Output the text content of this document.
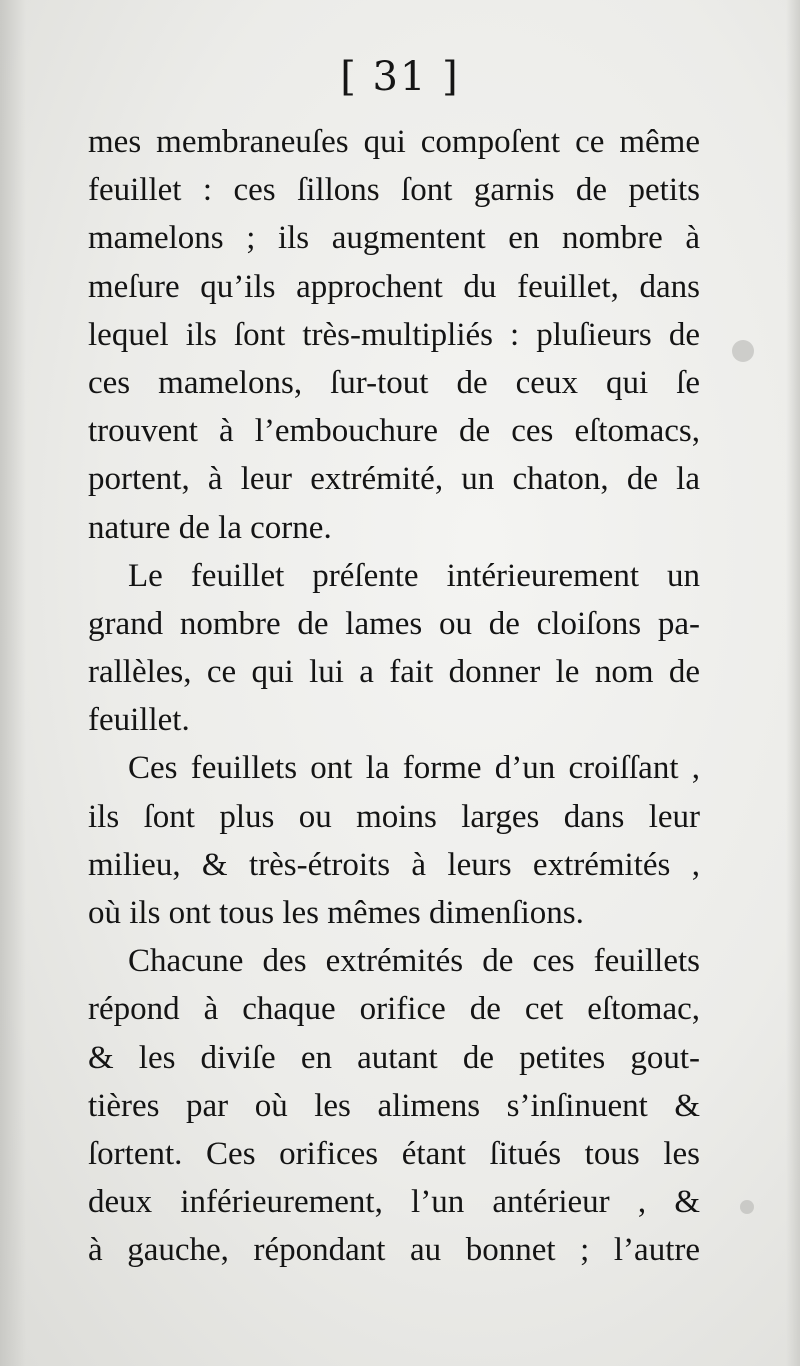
[ 31 ]
mes membraneuſes qui compoſent ce même
feuillet : ces ſillons ſont garnis de petits
mamelons ; ils augmentent en nombre à
meſure qu’ils approchent du feuillet, dans
lequel ils ſont très-multipliés : pluſieurs de
ces mamelons, ſur-tout de ceux qui ſe
trouvent à l’embouchure de ces eſtomacs,
portent, à leur extrémité, un chaton, de la
nature de la corne.
Le feuillet préſente intérieurement un
grand nombre de lames ou de cloiſons pa-
rallèles, ce qui lui a fait donner le nom de
feuillet.
Ces feuillets ont la forme d’un croiſſant ,
ils ſont plus ou moins larges dans leur
milieu, & très-étroits à leurs extrémités ,
où ils ont tous les mêmes dimenſions.
Chacune des extrémités de ces feuillets
répond à chaque orifice de cet eſtomac,
& les diviſe en autant de petites gout-
tières par où les alimens s’inſinuent &
ſortent. Ces orifices étant ſitués tous les
deux inférieurement, l’un antérieur , &
à gauche, répondant au bonnet ; l’autre
